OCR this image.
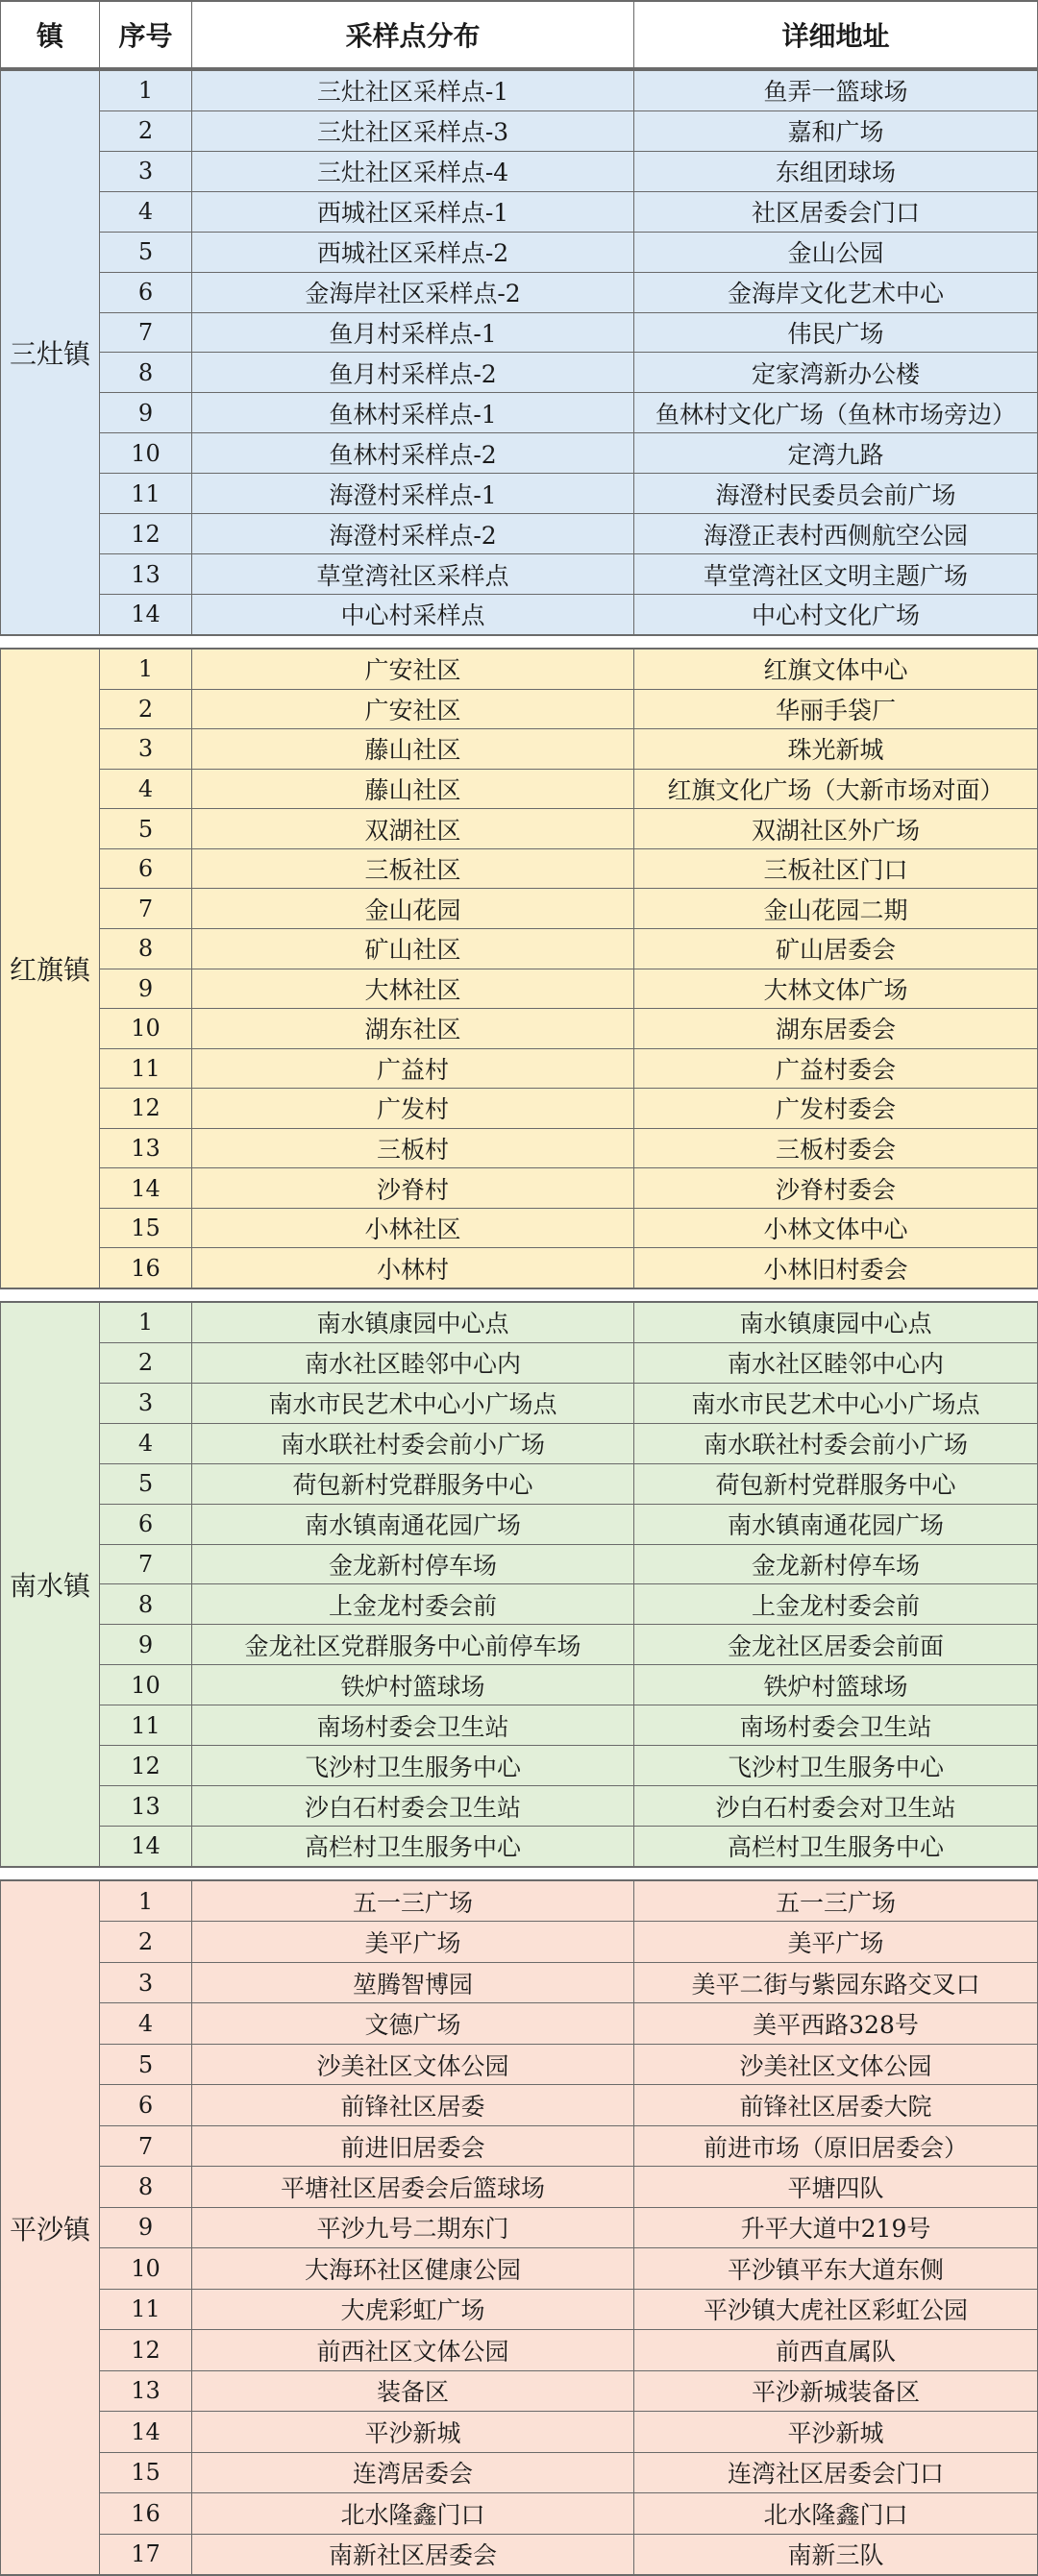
镇	序号	采样点分布	详细地址
三灶镇
1	三灶社区采样点-1	鱼弄一篮球场
2	三灶社区采样点-3	嘉和广场
3	三灶社区采样点-4	东组团球场
4	西城社区采样点-1	社区居委会门口
5	西城社区采样点-2	金山公园
6	金海岸社区采样点-2	金海岸文化艺术中心
7	鱼月村采样点-1	伟民广场
8	鱼月村采样点-2	定家湾新办公楼
9	鱼林村采样点-1	鱼林村文化广场（鱼林市场旁边）
10	鱼林村采样点-2	定湾九路
11	海澄村采样点-1	海澄村民委员会前广场
12	海澄村采样点-2	海澄正表村西侧航空公园
13	草堂湾社区采样点	草堂湾社区文明主题广场
14	中心村采样点	中心村文化广场
红旗镇
1	广安社区	红旗文体中心
2	广安社区	华丽手袋厂
3	藤山社区	珠光新城
4	藤山社区	红旗文化广场（大新市场对面）
5	双湖社区	双湖社区外广场
6	三板社区	三板社区门口
7	金山花园	金山花园二期
8	矿山社区	矿山居委会
9	大林社区	大林文体广场
10	湖东社区	湖东居委会
11	广益村	广益村委会
12	广发村	广发村委会
13	三板村	三板村委会
14	沙脊村	沙脊村委会
15	小林社区	小林文体中心
16	小林村	小林旧村委会
南水镇
1	南水镇康园中心点	南水镇康园中心点
2	南水社区睦邻中心内	南水社区睦邻中心内
3	南水市民艺术中心小广场点	南水市民艺术中心小广场点
4	南水联社村委会前小广场	南水联社村委会前小广场
5	荷包新村党群服务中心	荷包新村党群服务中心
6	南水镇南通花园广场	南水镇南通花园广场
7	金龙新村停车场	金龙新村停车场
8	上金龙村委会前	上金龙村委会前
9	金龙社区党群服务中心前停车场	金龙社区居委会前面
10	铁炉村篮球场	铁炉村篮球场
11	南场村委会卫生站	南场村委会卫生站
12	飞沙村卫生服务中心	飞沙村卫生服务中心
13	沙白石村委会卫生站	沙白石村委会对卫生站
14	高栏村卫生服务中心	高栏村卫生服务中心
平沙镇
1	五一三广场	五一三广场
2	美平广场	美平广场
3	堃腾智博园	美平二街与紫园东路交叉口
4	文德广场	美平西路328号
5	沙美社区文体公园	沙美社区文体公园
6	前锋社区居委	前锋社区居委大院
7	前进旧居委会	前进市场（原旧居委会）
8	平塘社区居委会后篮球场	平塘四队
9	平沙九号二期东门	升平大道中219号
10	大海环社区健康公园	平沙镇平东大道东侧
11	大虎彩虹广场	平沙镇大虎社区彩虹公园
12	前西社区文体公园	前西直属队
13	装备区	平沙新城装备区
14	平沙新城	平沙新城
15	连湾居委会	连湾社区居委会门口
16	北水隆鑫门口	北水隆鑫门口
17	南新社区居委会	南新三队
